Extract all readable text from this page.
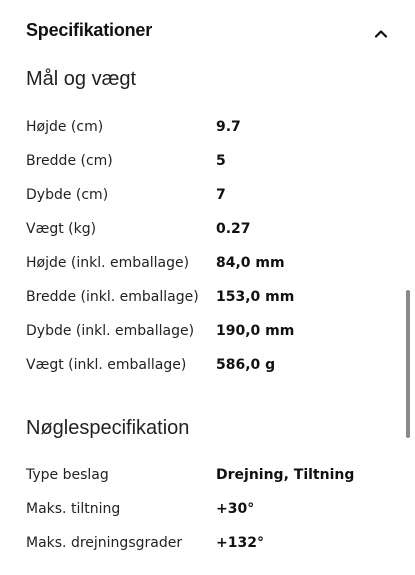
Specifikationer
Mål og vægt
Højde (cm)	9.7
Bredde (cm)	5
Dybde (cm)	7
Vægt (kg)	0.27
Højde (inkl. emballage) 84,0 mm
Bredde (inkl. emballage) 153,0 mm
Dybde (inkl. emballage) 190,0 mm
Vægt (inkl. emballage) 586,0 g
Nøglespecifikation
Type beslag	Drejning, Tiltning
Maks. tiltning	+30°
Maks. drejningsgrader +132°
